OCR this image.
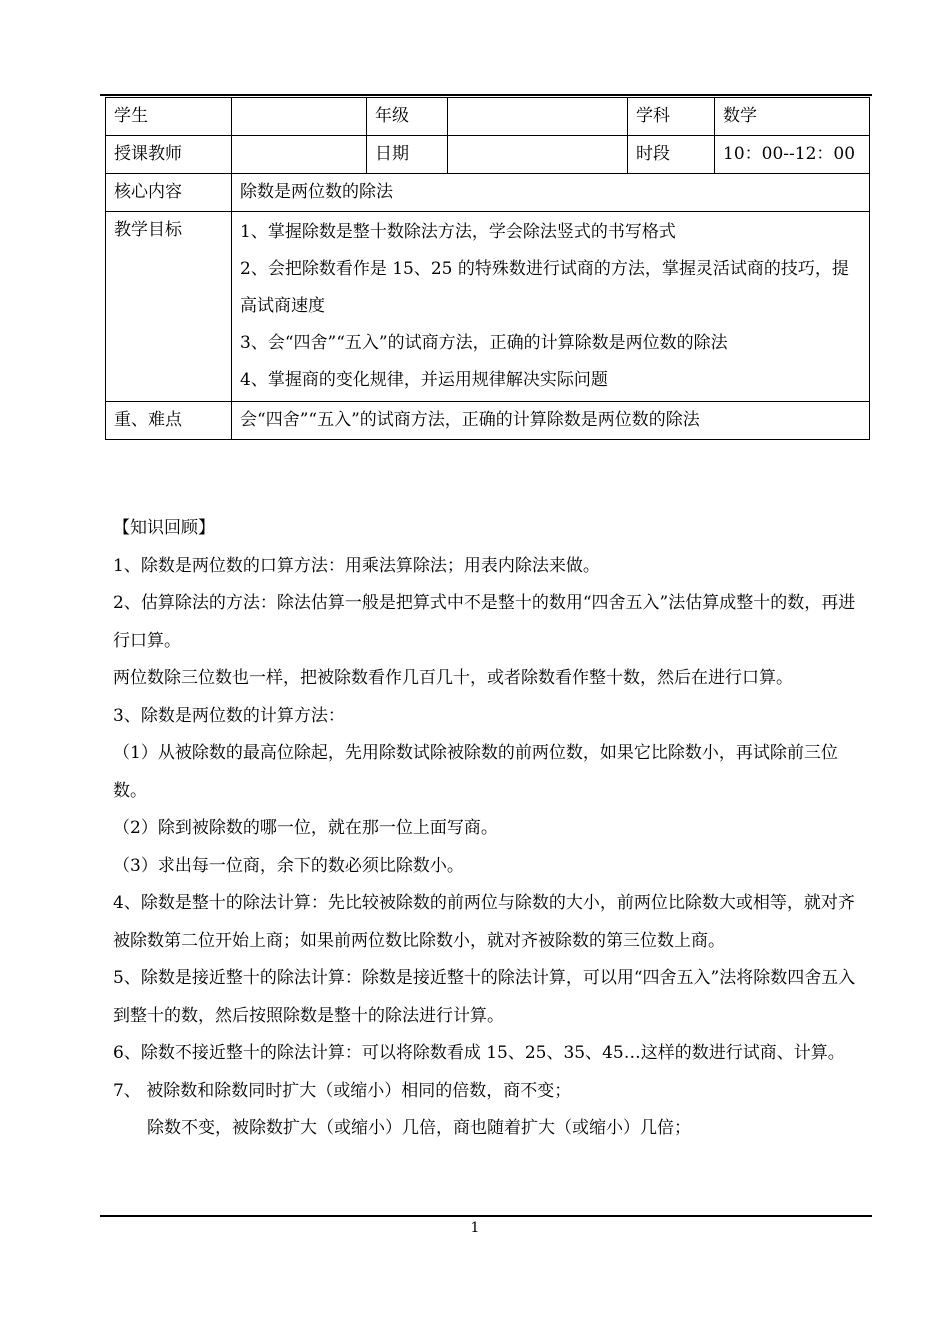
学生		年级		学科	数学
授课教师		日期		时段	10：00--12：00
核心内容	除数是两位数的除法				
教学目标	1、掌握除数是整十数除法方法，学会除法竖式的书写格式
2、会把除数看作是 15、25 的特殊数进行试商的方法，掌握灵活试商的技巧，提高试商速度
3、会“四舍”“五入”的试商方法，正确的计算除数是两位数的除法
4、掌握商的变化规律，并运用规律解决实际问题				

重、难点	会“四舍”“五入”的试商方法，正确的计算除数是两位数的除法				

【知识回顾】

1、除数是两位数的口算方法：用乘法算除法；用表内除法来做。

2、估算除法的方法：除法估算一般是把算式中不是整十的数用“四舍五入”法估算成整十的数，再进行口算。

两位数除三位数也一样，把被除数看作几百几十，或者除数看作整十数，然后在进行口算。

3、除数是两位数的计算方法：

（1）从被除数的最高位除起，先用除数试除被除数的前两位数，如果它比除数小，再试除前三位数。

（2）除到被除数的哪一位，就在那一位上面写商。

（3）求出每一位商，余下的数必须比除数小。

4、除数是整十的除法计算：先比较被除数的前两位与除数的大小，前两位比除数大或相等，就对齐被除数第二位开始上商；如果前两位数比除数小，就对齐被除数的第三位数上商。

5、除数是接近整十的除法计算：除数是接近整十的除法计算，可以用“四舍五入”法将除数四舍五入到整十的数，然后按照除数是整十的除法进行计算。

6、除数不接近整十的除法计算：可以将除数看成 15、25、35、45…这样的数进行试商、计算。

7、 被除数和除数同时扩大（或缩小）相同的倍数，商不变；

除数不变，被除数扩大（或缩小）几倍，商也随着扩大（或缩小）几倍；

1
